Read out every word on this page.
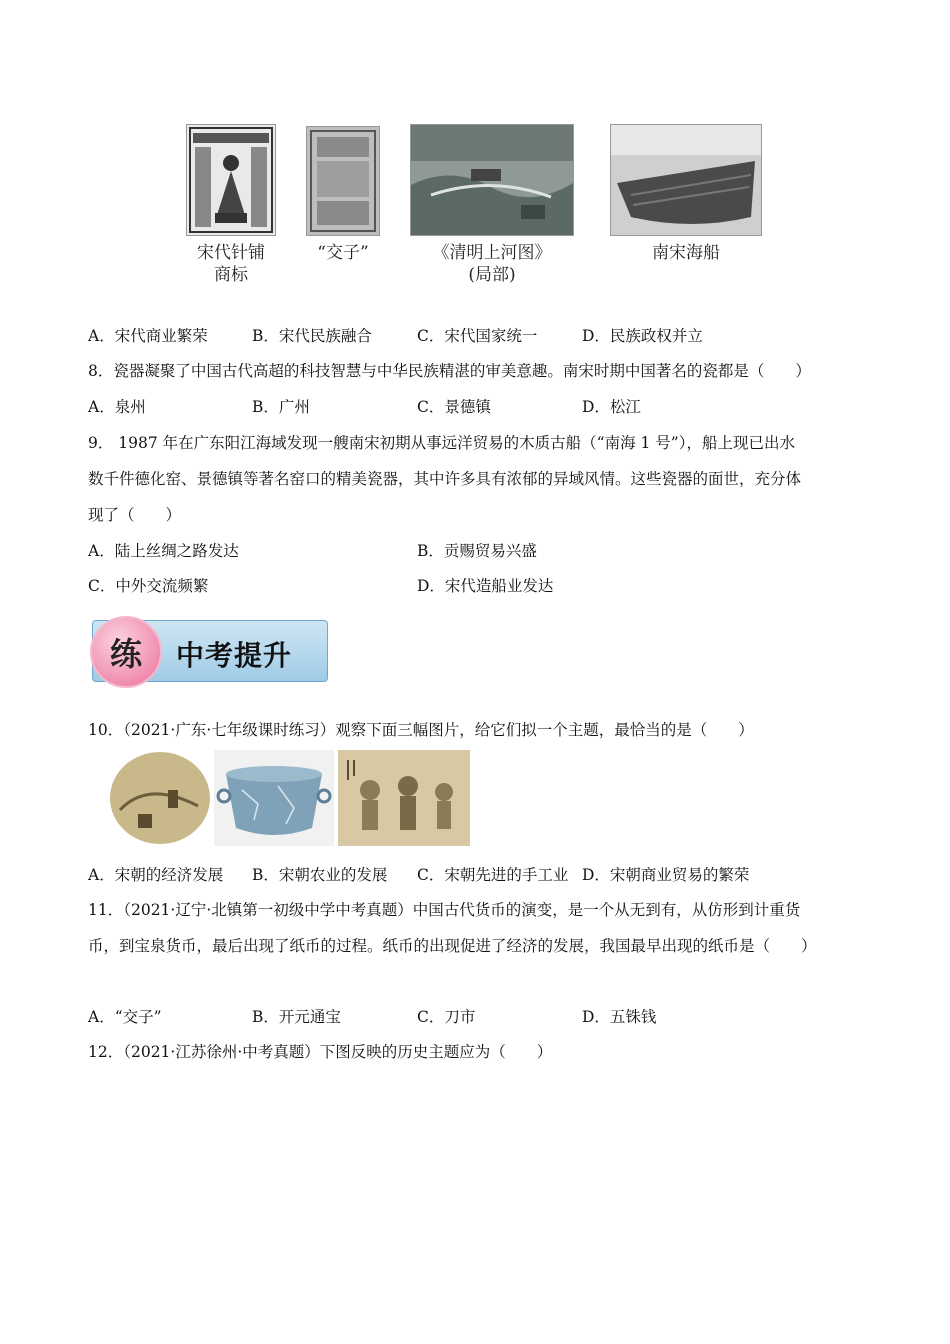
宋代针铺
商标
“交子”	《清明上河图》
(局部)
南宋海船
A．宋代商业繁荣	B．宋代民族融合	C．宋代国家统一	D．民族政权并立
8．瓷器凝聚了中国古代高超的科技智慧与中华民族精湛的审美意趣。南宋时期中国著名的瓷都是（　　）
A．泉州	B．广州	C．景德镇	D．松江
9． 1987 年在广东阳江海域发现一艘南宋初期从事远洋贸易的木质古船（“南海 1 号”），船上现已出水
数千件德化窑、景德镇等著名窑口的精美瓷器，其中许多具有浓郁的异域风情。这些瓷器的面世，充分体
现了（　　）
A．陆上丝绸之路发达	B．贡赐贸易兴盛
C．中外交流频繁	D．宋代造船业发达
练	中考提升
10．（2021·广东·七年级课时练习）观察下面三幅图片，给它们拟一个主题，最恰当的是（　　）
A．宋朝的经济发展 B．宋朝农业的发展 C．宋朝先进的手工业 D．宋朝商业贸易的繁荣
11．（2021·辽宁·北镇第一初级中学中考真题）中国古代货币的演变，是一个从无到有，从仿形到计重货
币，到宝泉货币，最后出现了纸币的过程。纸币的出现促进了经济的发展，我国最早出现的纸币是（　　）
A．“交子”	B．开元通宝	C．刀市	D．五铢钱
12．（2021·江苏徐州·中考真题）下图反映的历史主题应为（　　）
